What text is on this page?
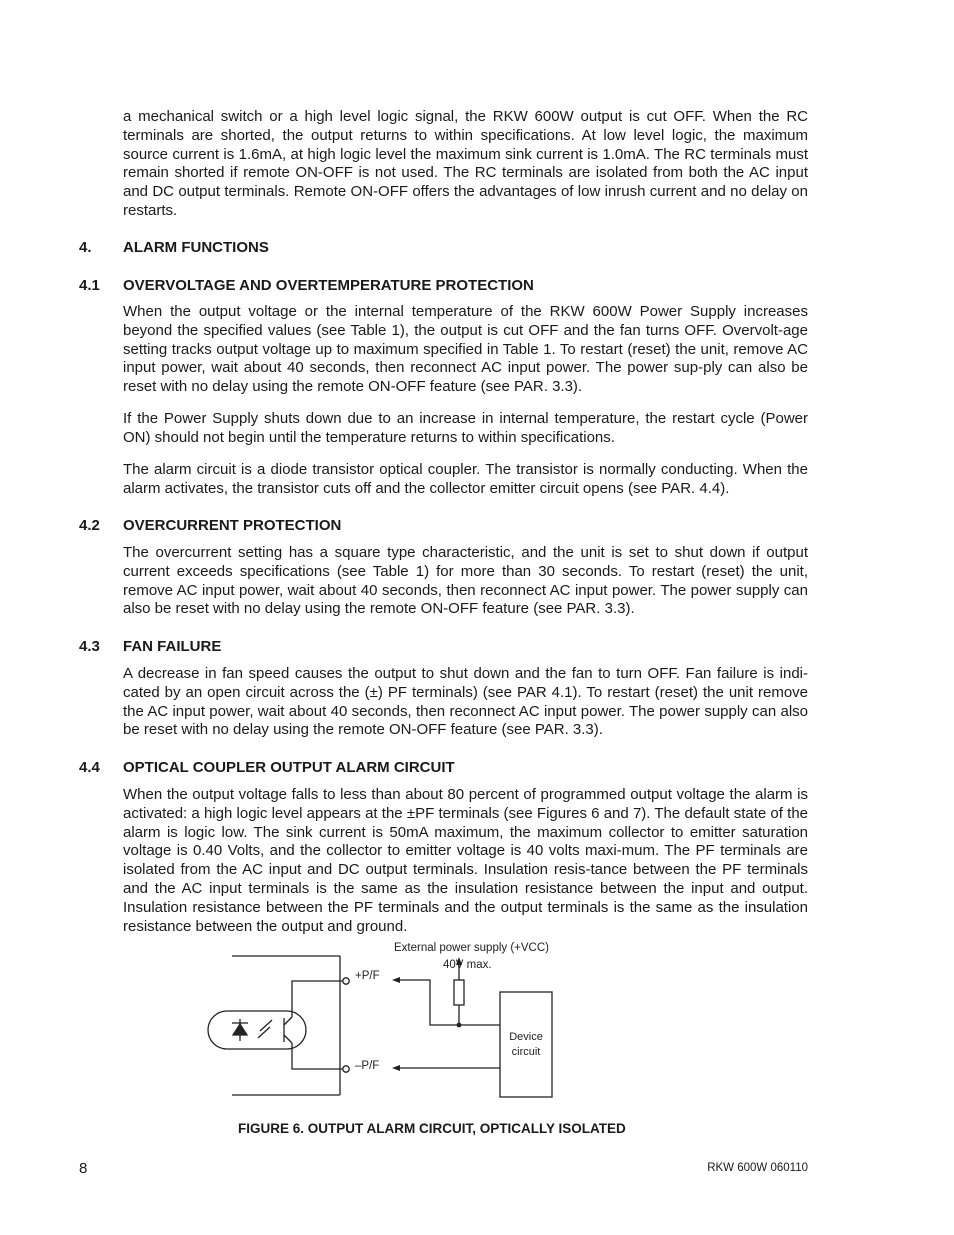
a mechanical switch or a high level logic signal, the RKW 600W output is cut OFF. When the RC terminals are shorted, the output returns to within specifications. At low level logic, the maximum source current is 1.6mA, at high logic level the maximum sink current is 1.0mA. The RC terminals must remain shorted if remote ON-OFF is not used. The RC terminals are isolated from both the AC input and DC output terminals. Remote ON-OFF offers the advantages of low inrush current and no delay on restarts.

4. ALARM FUNCTIONS

4.1 OVERVOLTAGE AND OVERTEMPERATURE PROTECTION

When the output voltage or the internal temperature of the RKW 600W Power Supply increases beyond the specified values (see Table 1), the output is cut OFF and the fan turns OFF. Overvolt-age setting tracks output voltage up to maximum specified in Table 1. To restart (reset) the unit, remove AC input power, wait about 40 seconds, then reconnect AC input power. The power sup-ply can also be reset with no delay using the remote ON-OFF feature (see PAR. 3.3).

If the Power Supply shuts down due to an increase in internal temperature, the restart cycle (Power ON) should not begin until the temperature returns to within specifications.

The alarm circuit is a diode transistor optical coupler. The transistor is normally conducting. When the alarm activates, the transistor cuts off and the collector emitter circuit opens (see PAR. 4.4).

4.2 OVERCURRENT PROTECTION

The overcurrent setting has a square type characteristic, and the unit is set to shut down if output current exceeds specifications (see Table 1) for more than 30 seconds. To restart (reset) the unit, remove AC input power, wait about 40 seconds, then reconnect AC input power. The power supply can also be reset with no delay using the remote ON-OFF feature (see PAR. 3.3).

4.3 FAN FAILURE

A decrease in fan speed causes the output to shut down and the fan to turn OFF. Fan failure is indi-cated by an open circuit across the (±) PF terminals) (see PAR 4.1). To restart (reset) the unit remove the AC input power, wait about 40 seconds, then reconnect AC input power. The power supply can also be reset with no delay using the remote ON-OFF feature (see PAR. 3.3).

4.4 OPTICAL COUPLER OUTPUT ALARM CIRCUIT

When the output voltage falls to less than about 80 percent of programmed output voltage the alarm is activated: a high logic level appears at the ±PF terminals (see Figures 6 and 7). The default state of the alarm is logic low. The sink current is 50mA maximum, the maximum collector to emitter saturation voltage is 0.40 Volts, and the collector to emitter voltage is 40 volts maxi-mum. The PF terminals are isolated from the AC input and DC output terminals. Insulation resis-tance between the PF terminals and the AC input terminals is the same as the insulation resistance between the input and output. Insulation resistance between the PF terminals and the output terminals is the same as the insulation resistance between the output and ground.

External power supply (+VCC)
40V max.
+P/F
–P/F
Device
circuit

FIGURE 6. OUTPUT ALARM CIRCUIT, OPTICALLY ISOLATED

8	RKW 600W 060110
